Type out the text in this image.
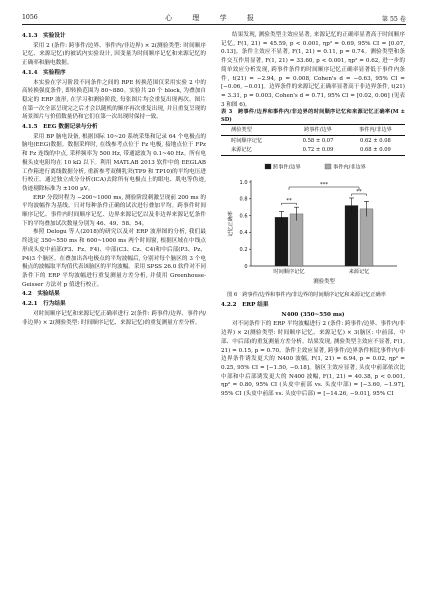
1056	心 理 学 报	第 55 卷
4.1.3　实验设计

采用 2 (条件: 跨事件/边界、事件内/非边界) × 2(测验类型: 时间顺序记忆、来源记忆)的被试内实验设计, 因变量为时间顺序记忆和来源记忆的正确率和脑电数据。

4.1.4　实验程序

本实验在学习阶段不同条件之间的 RPE 转换范围仅采用实验 2 中的高转换强度条件, 即转换范围为 80~880。实验共 20 个 block, 为叠加自稳定的 ERP 波形, 在学习和测验阶段, 每张图片均会重复出现两次。图片在第一次全部呈现完之后才会以随机的顺序再次重复出现, 并且重复呈现的场景图片与价值数量仍和它们在第一次出现时保持一致。

4.1.5　EEG 数据记录与分析

采用 BP 脑电设备, 根据国际 10~20 系统采集和记录 64 个电极点的脑电(EEG)数据。数据采样时, 在线参考点位于 Fz 电极, 接地点位于 FPz 和 Fz 连线的中点, 采样频率为 500 Hz, 带通滤波为 0.1~40 Hz。所有电极头皮电阻均在 10 kΩ 以下。利用 MATLAB 2013 软件中的 EEGLAB 工作箱进行离线数据分析, 重新参考双侧乳突(TP9 和 TP10)的平均电压进行校正。通过独立成分分析(ICA)去除所有电极点上的眼电、肌电等伪迹, 伪迹剔除标准为 ±100 μV。

ERP 分段时程为 −200~1000 ms, 测验阶段刺激呈现前 200 ms 的平均波幅作为基线。只对每种条件正确的试次进行叠加平均。跨事件时间顺序记忆、事件内时间顺序记忆、边界来源记忆以及非边界来源记忆条件下的平均叠加试次数量分别为 46、49、58、54。

参照 Delogu 等人(2018)的研究以及对 ERP 波形图的分析, 我们最终选定 350~550 ms 和 600~1000 ms 两个时间窗, 根据区域在中线点形成头皮中前部(F3、Fz、F4)、中部(C3、Cz、C4)和中后部(P3、Pz、P4)3 个脑区。在叠加出各电极点的平均波幅后, 分别对每个脑区的 3 个电极点的波幅取平均值代表该脑区的平均波幅。采用 SPSS 26.0 软件对不同条件下的 ERP 平均波幅进行重复测量方差分析, 并使用 Greenhouse-Geisser 方法对 p 值进行校正。

4.2　实验结果
4.2.1　行为结果

对时间顺序记忆和来源记忆正确率进行 2(条件: 跨事件/边界、事件内/非边界) × 2(测验类型: 时间顺序记忆、来源记忆)的重复测量方差分析。

结果发现, 测验类型主效应显著, 来源记忆的正确率显著高于时间顺序记忆, F(1, 21) = 45.59, p < 0.001, ηp² = 0.69, 95% CI = [0.07, 0.13]。条件主效应不显著, F(1, 21) = 0.11, p = 0.74。测验类型和条件交互作用显著, F(1, 21) = 33.60, p < 0.001, ηp² = 0.62, 进一步的简单效应分析发现, 跨事件条件的时间顺序记忆正确率显著低于事件内条件, t(21) = −2.94, p = 0.008, Cohen's d = −0.63, 95% CI = [−0.06, −0.01]。边界条件的来源记忆正确率显著高于非边界条件, t(21) = 3.31, p = 0.003, Cohen's d = 0.71, 95% CI = [0.02, 0.06] (见表 3 和图 6)。

表 3　跨事件/边界和事件内/非边界的时间顺序记忆和来源记忆正确率(M ± SD)

测验类型	跨事件/边界	事件内/非边界
时间顺序记忆	0.58 ± 0.07	0.62 ± 0.08
来源记忆	0.72 ± 0.09	0.68 ± 0.09
0
0.2
0.4
0.6
0.8
1.0
记忆正确率
时间顺序记忆	来源记忆
**
**
***
跨事件/边界	事件内/非边界
测验类型

图 6　跨事件/边界和事件内/非边界的时间顺序记忆和来源记忆正确率

4.2.2　ERP 结果
N400 (350~550 ms)

对不同条件下的 ERP 平均波幅进行 2 (条件: 跨事件/边界、事件内/非边界) × 2(测验类型: 时间顺序记忆、来源记忆) × 3(脑区: 中前部、中部、中后部)的重复测量方差分析。结果发现, 测验类型主效应不显著, F(1, 21) = 0.15, p = 0.70。条件主效应显著, 跨事件/边界条件相比事件内/非边界条件诱发更大的 N400 波幅, F(1, 21) = 6.94, p = 0.02, ηp² = 0.25, 95% CI = [−1.50, −0.18]。脑区主效应显著, 头皮中前部依次比中部和中后部诱发更大的 N400 波幅, F(1, 21) = 40.38, p < 0.001, ηp² = 0.80, 95% CI (头皮中前部 vs. 头皮中部) = [−3.60, −1.97], 95% CI (头皮中前部 vs. 头皮中后部) = [−14.26, −9.01], 95% CI
